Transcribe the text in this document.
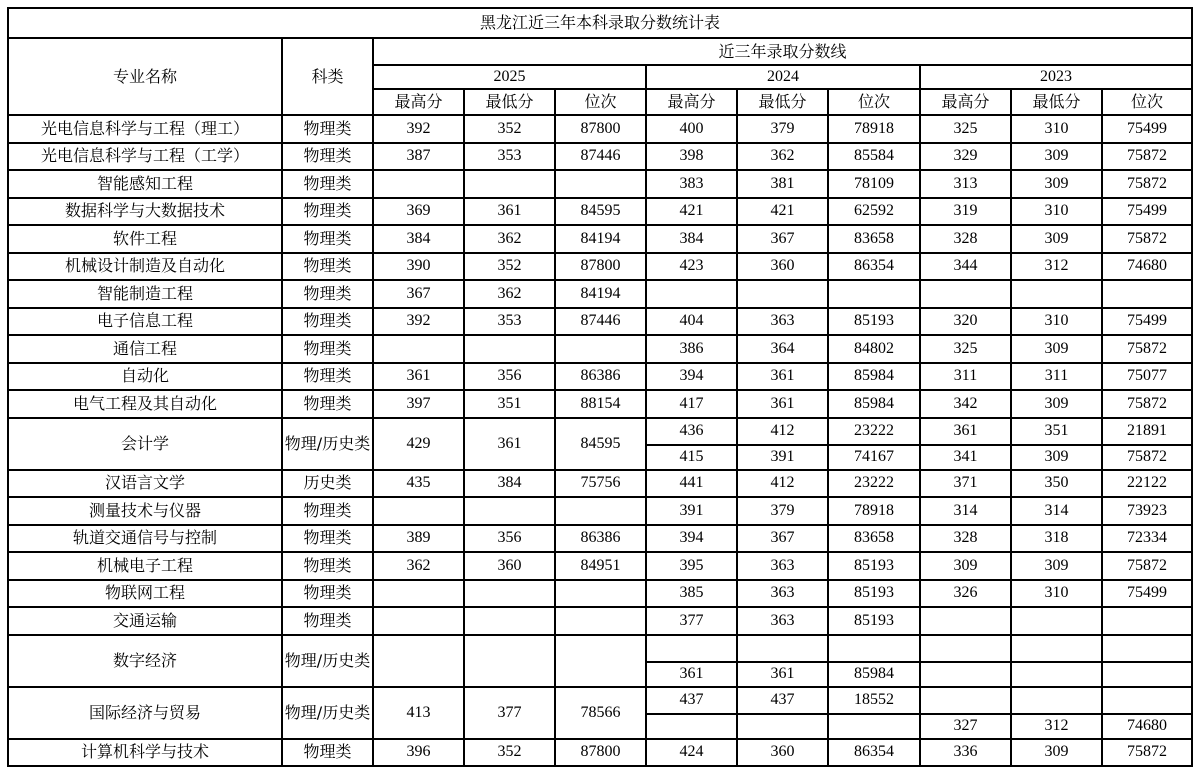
黑龙江近三年本科录取分数统计表										
专业名称	科类	近三年录取分数线								
		2025			2024			2023		
		最高分	最低分	位次	最高分	最低分	位次	最高分	最低分	位次
光电信息科学与工程（理工）	物理类	392	352	87800	400	379	78918	325	310	75499
光电信息科学与工程（工学）	物理类	387	353	87446	398	362	85584	329	309	75872
智能感知工程	物理类				383	381	78109	313	309	75872
数据科学与大数据技术	物理类	369	361	84595	421	421	62592	319	310	75499
软件工程	物理类	384	362	84194	384	367	83658	328	309	75872
机械设计制造及自动化	物理类	390	352	87800	423	360	86354	344	312	74680
智能制造工程	物理类	367	362	84194						
电子信息工程	物理类	392	353	87446	404	363	85193	320	310	75499
通信工程	物理类				386	364	84802	325	309	75872
自动化	物理类	361	356	86386	394	361	85984	311	311	75077
电气工程及其自动化	物理类	397	351	88154	417	361	85984	342	309	75872
会计学	物理/历史类	429	361	84595	436	412	23222	361	351	21891
					415	391	74167	341	309	75872
汉语言文学	历史类	435	384	75756	441	412	23222	371	350	22122
测量技术与仪器	物理类				391	379	78918	314	314	73923
轨道交通信号与控制	物理类	389	356	86386	394	367	83658	328	318	72334
机械电子工程	物理类	362	360	84951	395	363	85193	309	309	75872
物联网工程	物理类				385	363	85193	326	310	75499
交通运输	物理类				377	363	85193			
数字经济	物理/历史类									
					361	361	85984			
国际经济与贸易	物理/历史类	413	377	78566	437	437	18552			
								327	312	74680
计算机科学与技术	物理类	396	352	87800	424	360	86354	336	309	75872
